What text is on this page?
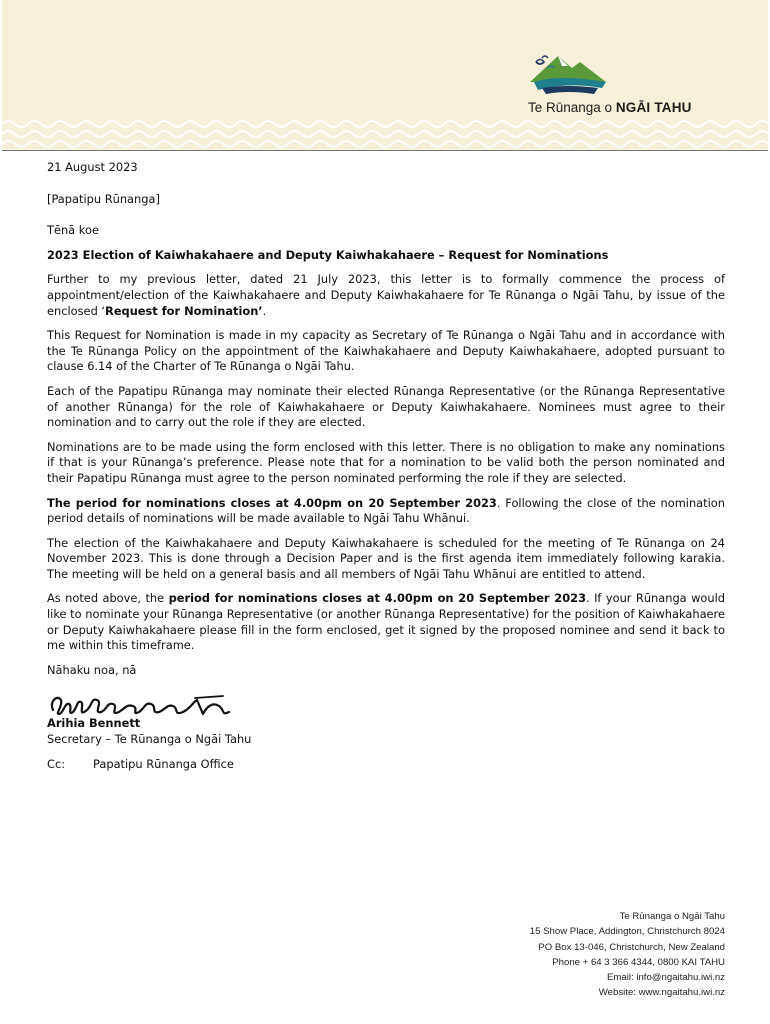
Te Rūnanga o NGĀI TAHU

21 August 2023

[Papatipu Rūnanga]

Tēnā koe

2023 Election of Kaiwhakahaere and Deputy Kaiwhakahaere – Request for Nominations

Further to my previous letter, dated 21 July 2023, this letter is to formally commence the process of appointment/election of the Kaiwhakahaere and Deputy Kaiwhakahaere for Te Rūnanga o Ngāi Tahu, by issue of the enclosed ‘Request for Nomination’.

This Request for Nomination is made in my capacity as Secretary of Te Rūnanga o Ngāi Tahu and in accordance with the Te Rūnanga Policy on the appointment of the Kaiwhakahaere and Deputy Kaiwhakahaere, adopted pursuant to clause 6.14 of the Charter of Te Rūnanga o Ngāi Tahu.

Each of the Papatipu Rūnanga may nominate their elected Rūnanga Representative (or the Rūnanga Representative of another Rūnanga) for the role of Kaiwhakahaere or Deputy Kaiwhakahaere. Nominees must agree to their nomination and to carry out the role if they are elected.

Nominations are to be made using the form enclosed with this letter. There is no obligation to make any nominations if that is your Rūnanga’s preference. Please note that for a nomination to be valid both the person nominated and their Papatipu Rūnanga must agree to the person nominated performing the role if they are selected.

The period for nominations closes at 4.00pm on 20 September 2023. Following the close of the nomination period details of nominations will be made available to Ngāi Tahu Whānui.

The election of the Kaiwhakahaere and Deputy Kaiwhakahaere is scheduled for the meeting of Te Rūnanga on 24 November 2023. This is done through a Decision Paper and is the first agenda item immediately following karakia. The meeting will be held on a general basis and all members of Ngāi Tahu Whānui are entitled to attend.

As noted above, the period for nominations closes at 4.00pm on 20 September 2023. If your Rūnanga would like to nominate your Rūnanga Representative (or another Rūnanga Representative) for the position of Kaiwhakahaere or Deputy Kaiwhakahaere please fill in the form enclosed, get it signed by the proposed nominee and send it back to me within this timeframe.

Nāhaku noa, nā

Arihia Bennett

Secretary – Te Rūnanga o Ngāi Tahu

Cc:	Papatipu Rūnanga Office
Te Rūnanga o Ngāi Tahu
15 Show Place, Addington, Christchurch 8024
PO Box 13-046, Christchurch, New Zealand
Phone + 64 3 366 4344, 0800 KAI TAHU
Email: info@ngaitahu.iwi.nz
Website: www.ngaitahu.iwi.nz
